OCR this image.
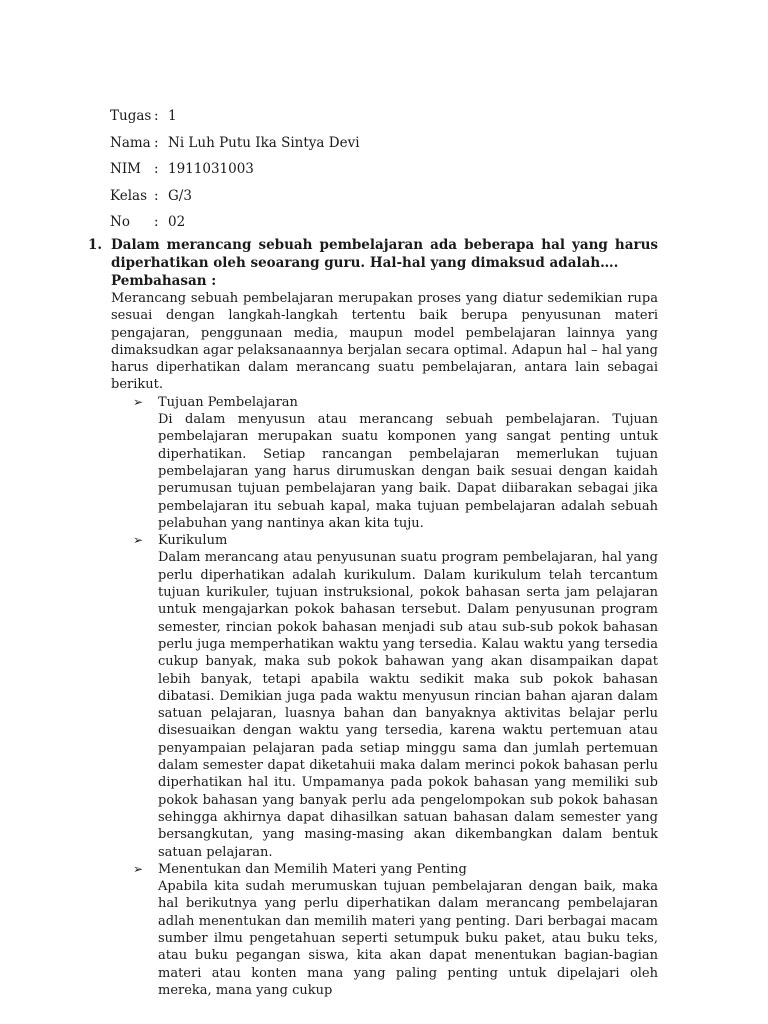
Tugas : 1
Nama : Ni Luh Putu Ika Sintya Devi
NIM : 1911031003
Kelas : G/3
No	: 02
1. Dalam merancang sebuah pembelajaran ada beberapa hal yang harus diperhatikan oleh seoarang guru. Hal-hal yang dimaksud adalah….
Pembahasan :
Merancang sebuah pembelajaran merupakan proses yang diatur sedemikian rupa sesuai dengan langkah-langkah tertentu baik berupa penyusunan materi pengajaran, penggunaan media, maupun model pembelajaran lainnya yang dimaksudkan agar pelaksanaannya berjalan secara optimal. Adapun hal – hal yang harus diperhatikan dalam merancang suatu pembelajaran, antara lain sebagai berikut.
➢	Tujuan Pembelajaran
Di dalam menyusun atau merancang sebuah pembelajaran. Tujuan pembelajaran merupakan suatu komponen yang sangat penting untuk diperhatikan. Setiap rancangan pembelajaran memerlukan tujuan pembelajaran yang harus dirumuskan dengan baik sesuai dengan kaidah perumusan tujuan pembelajaran yang baik. Dapat diibarakan sebagai jika pembelajaran itu sebuah kapal, maka tujuan pembelajaran adalah sebuah pelabuhan yang nantinya akan kita tuju.
➢	Kurikulum
Dalam merancang atau penyusunan suatu program pembelajaran, hal yang perlu diperhatikan adalah kurikulum. Dalam kurikulum telah tercantum tujuan kurikuler, tujuan instruksional, pokok bahasan serta jam pelajaran untuk mengajarkan pokok bahasan tersebut. Dalam penyusunan program semester, rincian pokok bahasan menjadi sub atau sub-sub pokok bahasan perlu juga memperhatikan waktu yang tersedia. Kalau waktu yang tersedia cukup banyak, maka sub pokok bahawan yang akan disampaikan dapat lebih banyak, tetapi apabila waktu sedikit maka sub pokok bahasan dibatasi. Demikian juga pada waktu menyusun rincian bahan ajaran dalam satuan pelajaran, luasnya bahan dan banyaknya aktivitas belajar perlu disesuaikan dengan waktu yang tersedia, karena waktu pertemuan atau penyampaian pelajaran pada setiap minggu sama dan jumlah pertemuan dalam semester dapat diketahuii maka dalam merinci pokok bahasan perlu diperhatikan hal itu. Umpamanya pada pokok bahasan yang memiliki sub pokok bahasan yang banyak perlu ada pengelompokan sub pokok bahasan sehingga akhirnya dapat dihasilkan satuan bahasan dalam semester yang bersangkutan, yang masing-masing akan dikembangkan dalam bentuk satuan pelajaran.
➢	Menentukan dan Memilih Materi yang Penting
Apabila kita sudah merumuskan tujuan pembelajaran dengan baik, maka hal berikutnya yang perlu diperhatikan dalam merancang pembelajaran adlah menentukan dan memilih materi yang penting. Dari berbagai macam sumber ilmu pengetahuan seperti setumpuk buku paket, atau buku teks, atau buku pegangan siswa, kita akan dapat menentukan bagian-bagian materi atau konten mana yang paling penting untuk dipelajari oleh mereka, mana yang cukup
